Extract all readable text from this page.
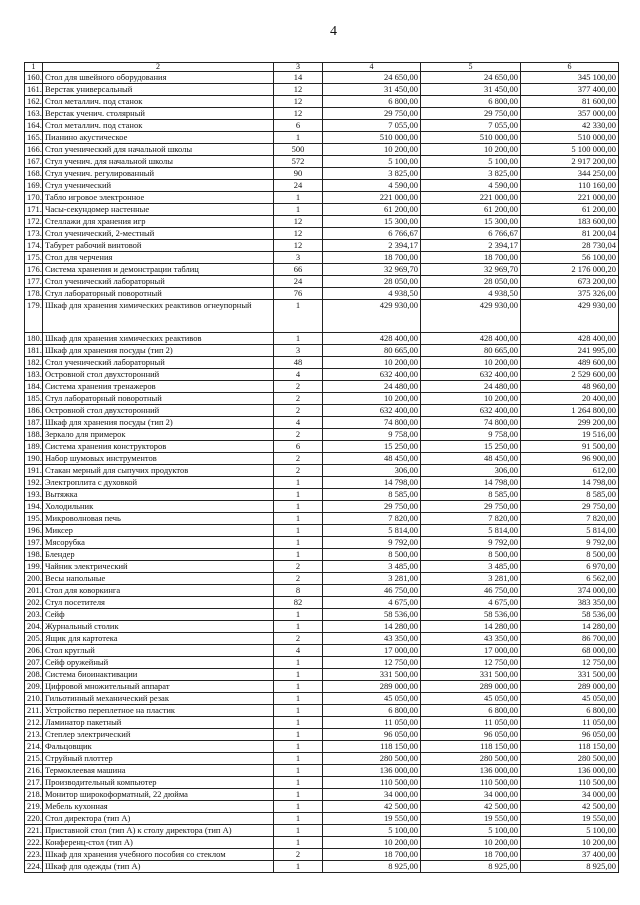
4
1	2	3	4	5	6
160.	Стол для швейного оборудования	14	24 650,00	24 650,00	345 100,00
161.	Верстак универсальный	12	31 450,00	31 450,00	377 400,00
162.	Стол металлич. под станок	12	6 800,00	6 800,00	81 600,00
163.	Верстак ученич. столярный	12	29 750,00	29 750,00	357 000,00
164.	Стол металлич. под станок	6	7 055,00	7 055,00	42 330,00
165.	Пианино акустическое	1	510 000,00	510 000,00	510 000,00
166.	Стол ученический для начальной школы	500	10 200,00	10 200,00	5 100 000,00
167.	Стул ученич. для начальной школы	572	5 100,00	5 100,00	2 917 200,00
168.	Стул ученич. регулированный	90	3 825,00	3 825,00	344 250,00
169.	Стул ученический	24	4 590,00	4 590,00	110 160,00
170.	Табло игровое электронное	1	221 000,00	221 000,00	221 000,00
171.	Часы-секундомер настенные	1	61 200,00	61 200,00	61 200,00
172.	Стеллажи для хранения игр	12	15 300,00	15 300,00	183 600,00
173.	Стол ученический, 2-местный	12	6 766,67	6 766,67	81 200,04
174.	Табурет рабочий винтовой	12	2 394,17	2 394,17	28 730,04
175.	Стол для черчения	3	18 700,00	18 700,00	56 100,00
176.	Система хранения и демонстрации таблиц	66	32 969,70	32 969,70	2 176 000,20
177.	Стол ученический лабораторный	24	28 050,00	28 050,00	673 200,00
178.	Стул лабораторный поворотный	76	4 938,50	4 938,50	375 326,00
179.	Шкаф для хранения химических реактивов огнеупорный	1	429 930,00	429 930,00	429 930,00
180.	Шкаф для хранения химических реактивов	1	428 400,00	428 400,00	428 400,00
181.	Шкаф для хранения посуды (тип 2)	3	80 665,00	80 665,00	241 995,00
182.	Стол ученический лабораторный	48	10 200,00	10 200,00	489 600,00
183.	Островной стол двухсторонний	4	632 400,00	632 400,00	2 529 600,00
184.	Система хранения тренажеров	2	24 480,00	24 480,00	48 960,00
185.	Стул лабораторный поворотный	2	10 200,00	10 200,00	20 400,00
186.	Островной стол двухсторонний	2	632 400,00	632 400,00	1 264 800,00
187.	Шкаф для хранения посуды (тип 2)	4	74 800,00	74 800,00	299 200,00
188.	Зеркало для примерок	2	9 758,00	9 758,00	19 516,00
189.	Система хранения конструкторов	6	15 250,00	15 250,00	91 500,00
190.	Набор шумовых инструментов	2	48 450,00	48 450,00	96 900,00
191.	Стакан мерный для сыпучих продуктов	2	306,00	306,00	612,00
192.	Электроплита с духовкой	1	14 798,00	14 798,00	14 798,00
193.	Вытяжка	1	8 585,00	8 585,00	8 585,00
194.	Холодильник	1	29 750,00	29 750,00	29 750,00
195.	Микроволновая печь	1	7 820,00	7 820,00	7 820,00
196.	Миксер	1	5 814,00	5 814,00	5 814,00
197.	Мясорубка	1	9 792,00	9 792,00	9 792,00
198.	Блендер	1	8 500,00	8 500,00	8 500,00
199.	Чайник электрический	2	3 485,00	3 485,00	6 970,00
200.	Весы напольные	2	3 281,00	3 281,00	6 562,00
201.	Стол для коворкинга	8	46 750,00	46 750,00	374 000,00
202.	Стул посетителя	82	4 675,00	4 675,00	383 350,00
203.	Сейф	1	58 536,00	58 536,00	58 536,00
204.	Журнальный столик	1	14 280,00	14 280,00	14 280,00
205.	Ящик для картотека	2	43 350,00	43 350,00	86 700,00
206.	Стол круглый	4	17 000,00	17 000,00	68 000,00
207.	Сейф оружейный	1	12 750,00	12 750,00	12 750,00
208.	Система биоинактивации	1	331 500,00	331 500,00	331 500,00
209.	Цифровой множительный аппарат	1	289 000,00	289 000,00	289 000,00
210.	Гильотинный механический резак	1	45 050,00	45 050,00	45 050,00
211.	Устройство переплетное на пластик	1	6 800,00	6 800,00	6 800,00
212.	Ламинатор пакетный	1	11 050,00	11 050,00	11 050,00
213.	Степлер электрический	1	96 050,00	96 050,00	96 050,00
214.	Фальцовщик	1	118 150,00	118 150,00	118 150,00
215.	Струйный плоттер	1	280 500,00	280 500,00	280 500,00
216.	Термоклеевая машина	1	136 000,00	136 000,00	136 000,00
217.	Производительный компьютер	1	110 500,00	110 500,00	110 500,00
218.	Монитор широкоформатный, 22 дюйма	1	34 000,00	34 000,00	34 000,00
219.	Мебель кухонная	1	42 500,00	42 500,00	42 500,00
220.	Стол директора (тип А)	1	19 550,00	19 550,00	19 550,00
221.	Приставной стол (тип А) к столу директора (тип А)	1	5 100,00	5 100,00	5 100,00
222.	Конференц-стол (тип А)	1	10 200,00	10 200,00	10 200,00
223.	Шкаф для хранения учебного пособия со стеклом	2	18 700,00	18 700,00	37 400,00
224.	Шкаф для одежды (тип А)	1	8 925,00	8 925,00	8 925,00
